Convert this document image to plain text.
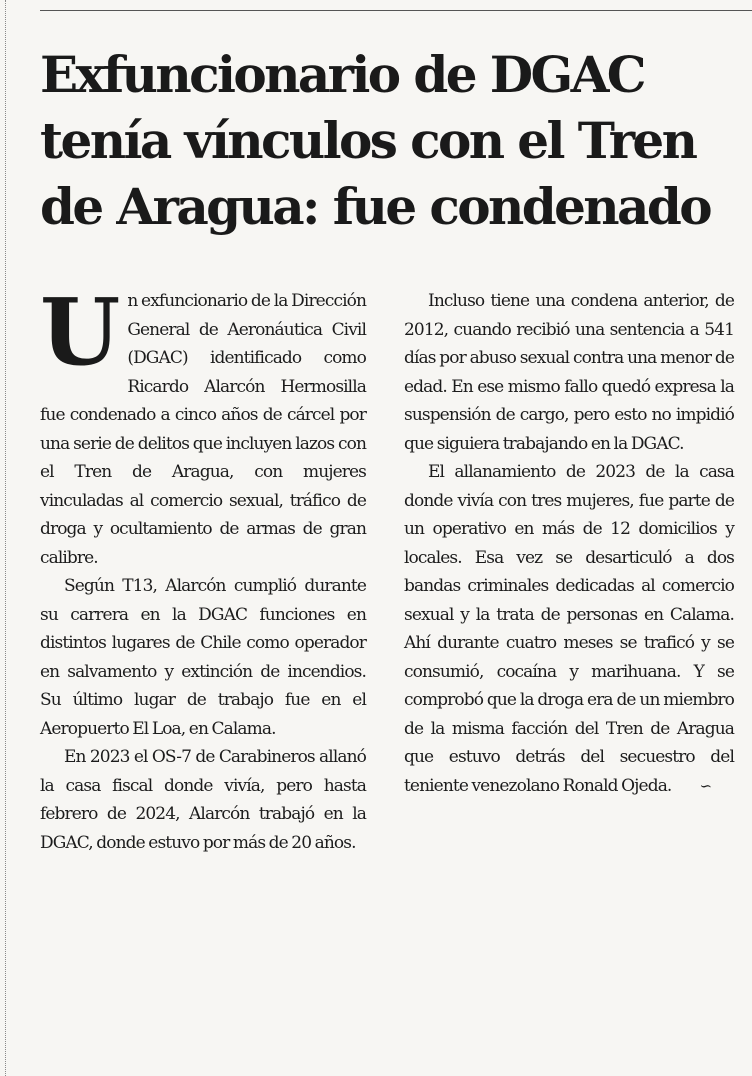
Exfuncionario de DGAC tenía vínculos con el Tren de Aragua: fue condenado

Un exfuncionario de la Dirección General de Aeronáutica Civil (DGAC) identificado como Ricardo Alarcón Hermosilla fue condenado a cinco años de cárcel por una serie de delitos que incluyen lazos con el Tren de Aragua, con mujeres vinculadas al comercio sexual, tráfico de droga y ocultamiento de armas de gran calibre.

Según T13, Alarcón cumplió durante su carrera en la DGAC funciones en distintos lugares de Chile como operador en salvamento y extinción de incendios. Su último lugar de trabajo fue en el Aeropuerto El Loa, en Calama.

En 2023 el OS-7 de Carabineros allanó la casa fiscal donde vivía, pero hasta febrero de 2024, Alarcón trabajó en la DGAC, donde estuvo por más de 20 años.

Incluso tiene una condena anterior, de 2012, cuando recibió una sentencia a 541 días por abuso sexual contra una menor de edad. En ese mismo fallo quedó expresa la suspensión de cargo, pero esto no impidió que siguiera trabajando en la DGAC.

El allanamiento de 2023 de la casa donde vivía con tres mujeres, fue parte de un operativo en más de 12 domicilios y locales. Esa vez se desarticuló a dos bandas criminales dedicadas al comercio sexual y la trata de personas en Calama. Ahí durante cuatro meses se traficó y se consumió, cocaína y marihuana. Y se comprobó que la droga era de un miembro de la misma facción del Tren de Aragua que estuvo detrás del secuestro del teniente venezolano Ronald Ojeda. ∽
